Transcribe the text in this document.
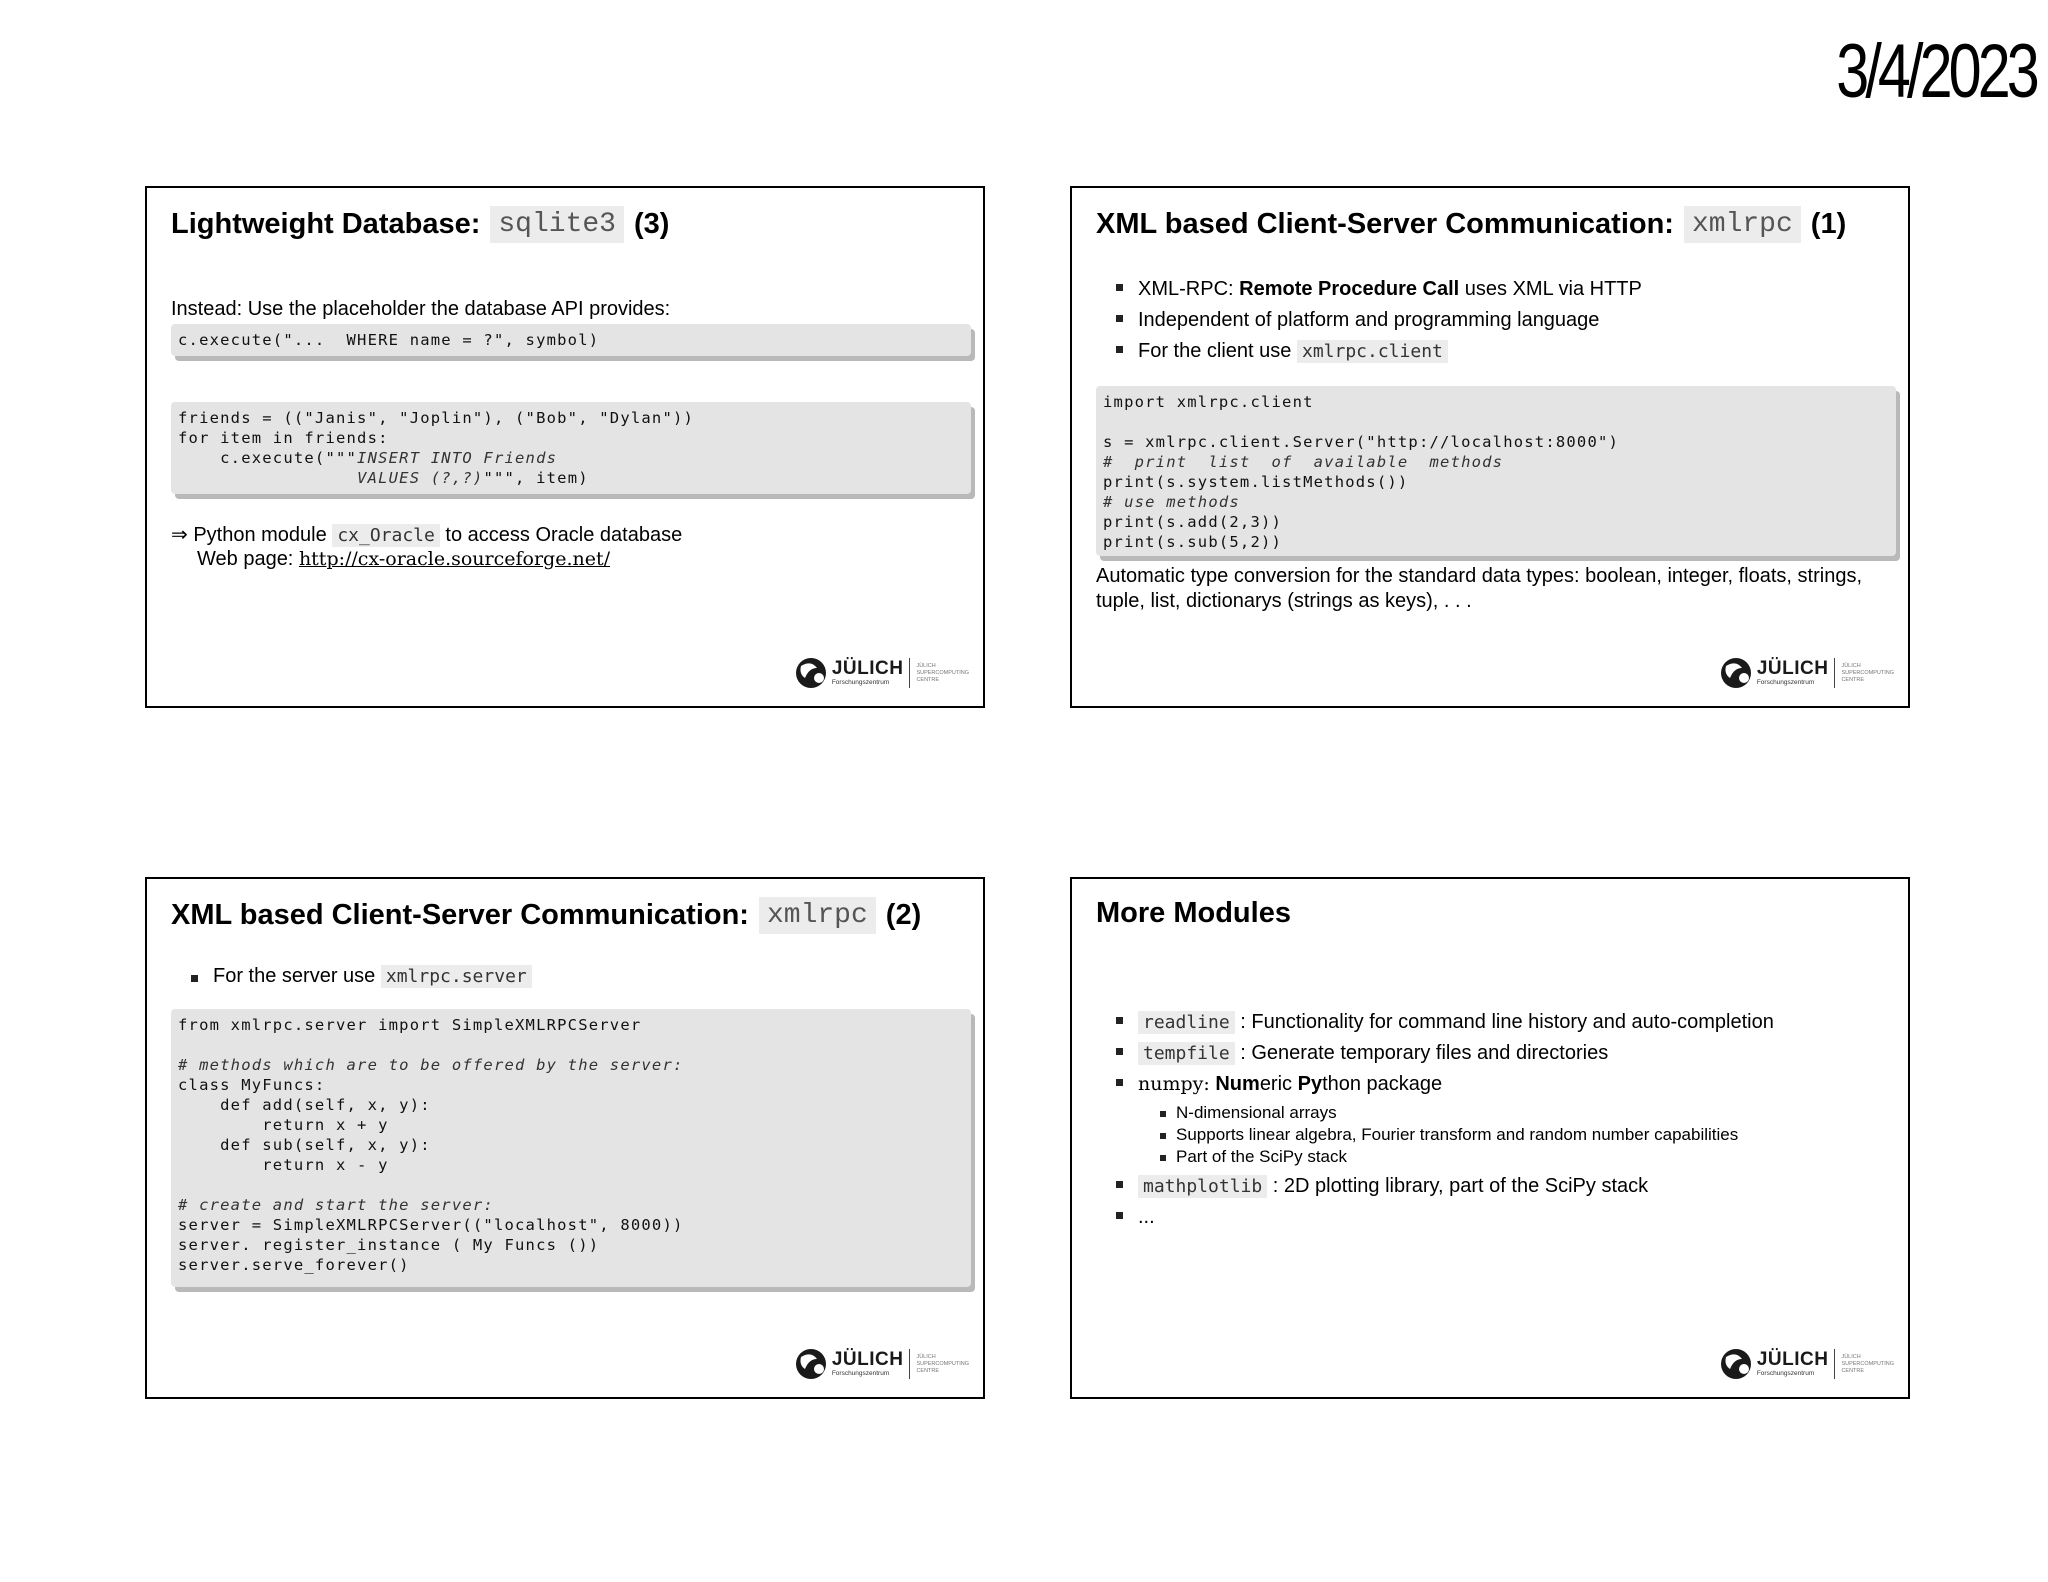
3/4/2023
Lightweight Database: sqlite3 (3)

Instead: Use the placeholder the database API provides:

c.execute("...  WHERE name = ?", symbol)
friends = (("Janis", "Joplin"), ("Bob", "Dylan"))
for item in friends:
c.execute("""INSERT INTO Friends
VALUES (?,?)""", item)

⇒ Python module cx_Oracle to access Oracle database

Web page: http://cx-oracle.sourceforge.net/

JÜLICH
Forschungszentrum
JÜLICH
SUPERCOMPUTING
CENTRE
XML based Client-Server Communication: xmlrpc (1)
XML-RPC: Remote Procedure Call uses XML via HTTP
Independent of platform and programming language
For the client use xmlrpc.client
import xmlrpc.client

s = xmlrpc.client.Server("http://localhost:8000")
#  print  list  of  available  methods
print(s.system.listMethods())
# use methods
print(s.add(2,3))
print(s.sub(5,2))

Automatic type conversion for the standard data types: boolean, integer, floats, strings, tuple, list, dictionarys (strings as keys), . . .

JÜLICH
Forschungszentrum
JÜLICH
SUPERCOMPUTING
CENTRE
XML based Client-Server Communication: xmlrpc (2)
For the server use xmlrpc.server
from xmlrpc.server import SimpleXMLRPCServer

# methods which are to be offered by the server:
class MyFuncs:
def add(self, x, y):
return x + y
def sub(self, x, y):
return x - y

# create and start the server:
server = SimpleXMLRPCServer(("localhost", 8000))
server. register_instance ( My Funcs ())
server.serve_forever()
JÜLICH
Forschungszentrum
JÜLICH
SUPERCOMPUTING
CENTRE
More Modules
readline : Functionality for command line history and auto-completion
tempfile : Generate temporary files and directories
numpy: Numeric Python package
N-dimensional arrays
Supports linear algebra, Fourier transform and random number capabilities
Part of the SciPy stack
mathplotlib : 2D plotting library, part of the SciPy stack
...
JÜLICH
Forschungszentrum
JÜLICH
SUPERCOMPUTING
CENTRE
